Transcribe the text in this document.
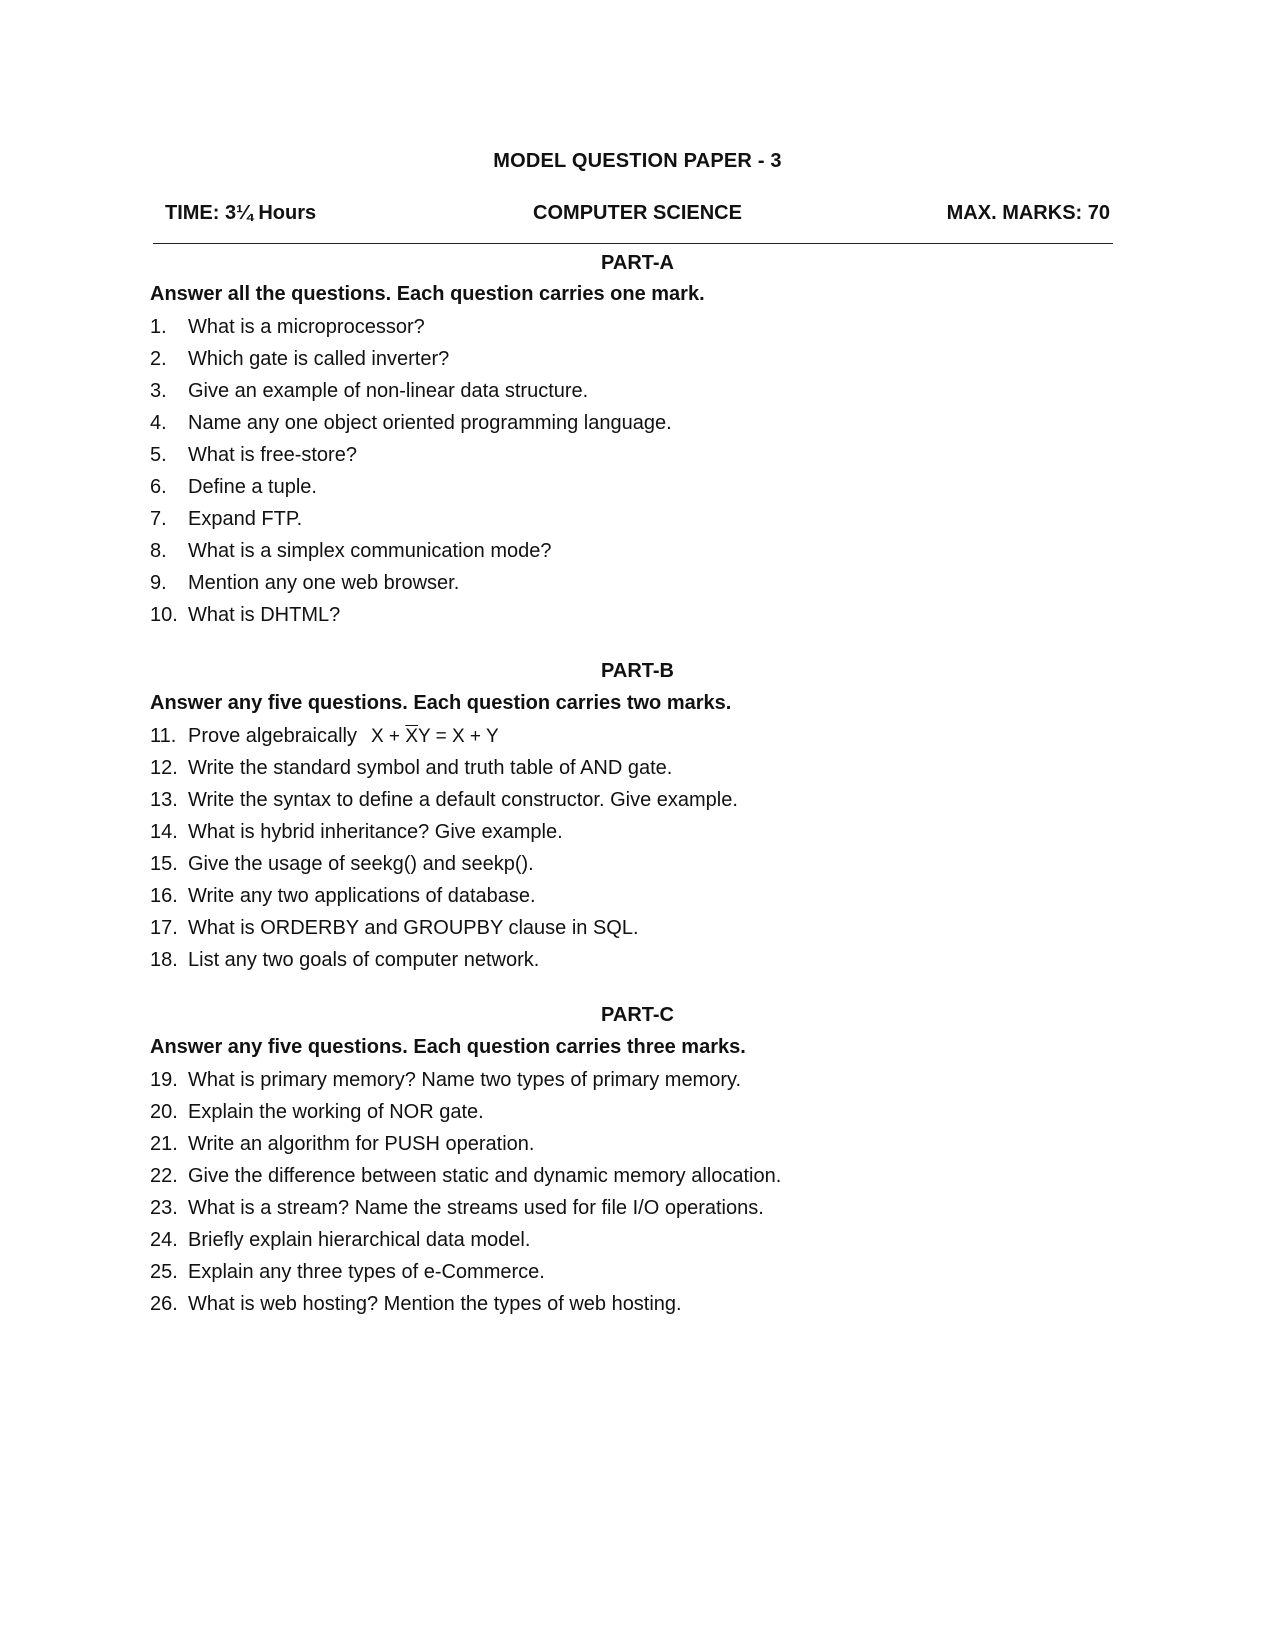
MODEL QUESTION PAPER - 3
TIME: 3¼ Hours	COMPUTER SCIENCE	MAX. MARKS: 70
PART-A
Answer all the questions. Each question carries one mark.
1. What is a microprocessor?
2. Which gate is called inverter?
3. Give an example of non-linear data structure.
4. Name any one object oriented programming language.
5. What is free-store?
6. Define a tuple.
7. Expand FTP.
8. What is a simplex communication mode?
9. Mention any one web browser.
10. What is DHTML?
PART-B
Answer any five questions. Each question carries two marks.
11. Prove algebraically $X + \overline{X}Y = X + Y$
12. Write the standard symbol and truth table of AND gate.
13. Write the syntax to define a default constructor. Give example.
14. What is hybrid inheritance? Give example.
15. Give the usage of seekg() and seekp().
16. Write any two applications of database.
17. What is ORDERBY and GROUPBY clause in SQL.
18. List any two goals of computer network.
PART-C
Answer any five questions. Each question carries three marks.
19. What is primary memory? Name two types of primary memory.
20. Explain the working of NOR gate.
21. Write an algorithm for PUSH operation.
22. Give the difference between static and dynamic memory allocation.
23. What is a stream? Name the streams used for file I/O operations.
24. Briefly explain hierarchical data model.
25. Explain any three types of e-Commerce.
26. What is web hosting? Mention the types of web hosting.
